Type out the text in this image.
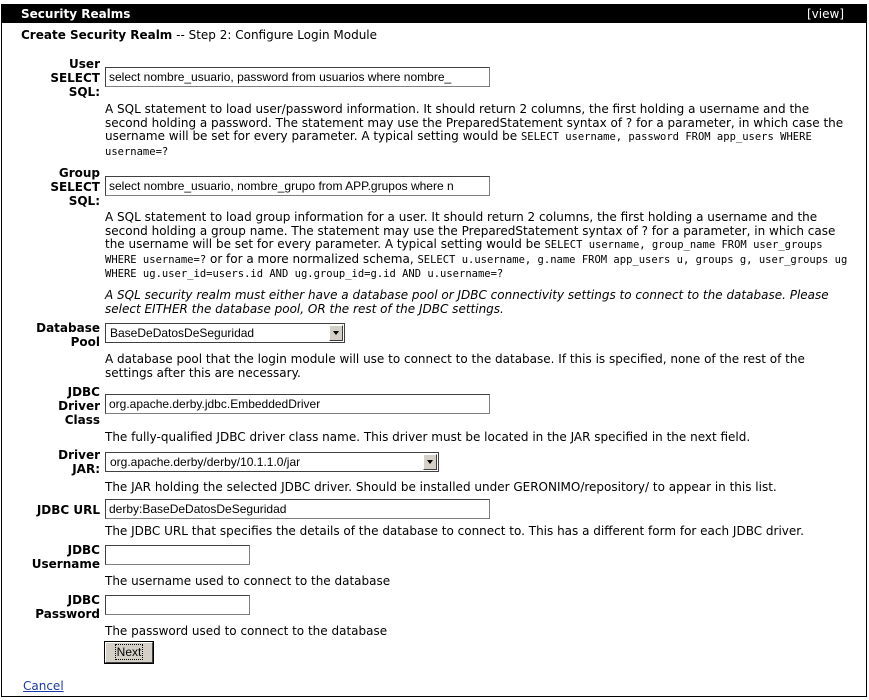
Security Realms	[view]
Create Security Realm -- Step 2: Configure Login Module
User
SELECT
SQL:
select nombre_usuario, password from usuarios where nombre_
A SQL statement to load user/password information. It should return 2 columns, the first holding a username and the second holding a password. The statement may use the PreparedStatement syntax of ? for a parameter, in which case the username will be set for every parameter. A typical setting would be SELECT username, password FROM app_users WHERE username=?
Group
SELECT
SQL:
select nombre_usuario, nombre_grupo from APP.grupos where n
A SQL statement to load group information for a user. It should return 2 columns, the first holding a username and the second holding a group name. The statement may use the PreparedStatement syntax of ? for a parameter, in which case the username will be set for every parameter. A typical setting would be SELECT username, group_name FROM user_groups WHERE username=? or for a more normalized schema, SELECT u.username, g.name FROM app_users u, groups g, user_groups ug WHERE ug.user_id=users.id AND ug.group_id=g.id AND u.username=?
A SQL security realm must either have a database pool or JDBC connectivity settings to connect to the database. Please select EITHER the database pool, OR the rest of the JDBC settings.
Database
Pool
BaseDeDatosDeSeguridad
A database pool that the login module will use to connect to the database. If this is specified, none of the rest of the settings after this are necessary.
JDBC
Driver
Class
org.apache.derby.jdbc.EmbeddedDriver
The fully-qualified JDBC driver class name. This driver must be located in the JAR specified in the next field.
Driver
JAR: org.apache.derby/derby/10.1.1.0/jar
The JAR holding the selected JDBC driver. Should be installed under GERONIMO/repository/ to appear in this list.
JDBC URL
derby:BaseDeDatosDeSeguridad
The JDBC URL that specifies the details of the database to connect to. This has a different form for each JDBC driver.
JDBC
Username
The username used to connect to the database
JDBC
Password
The password used to connect to the database
Next
Cancel
